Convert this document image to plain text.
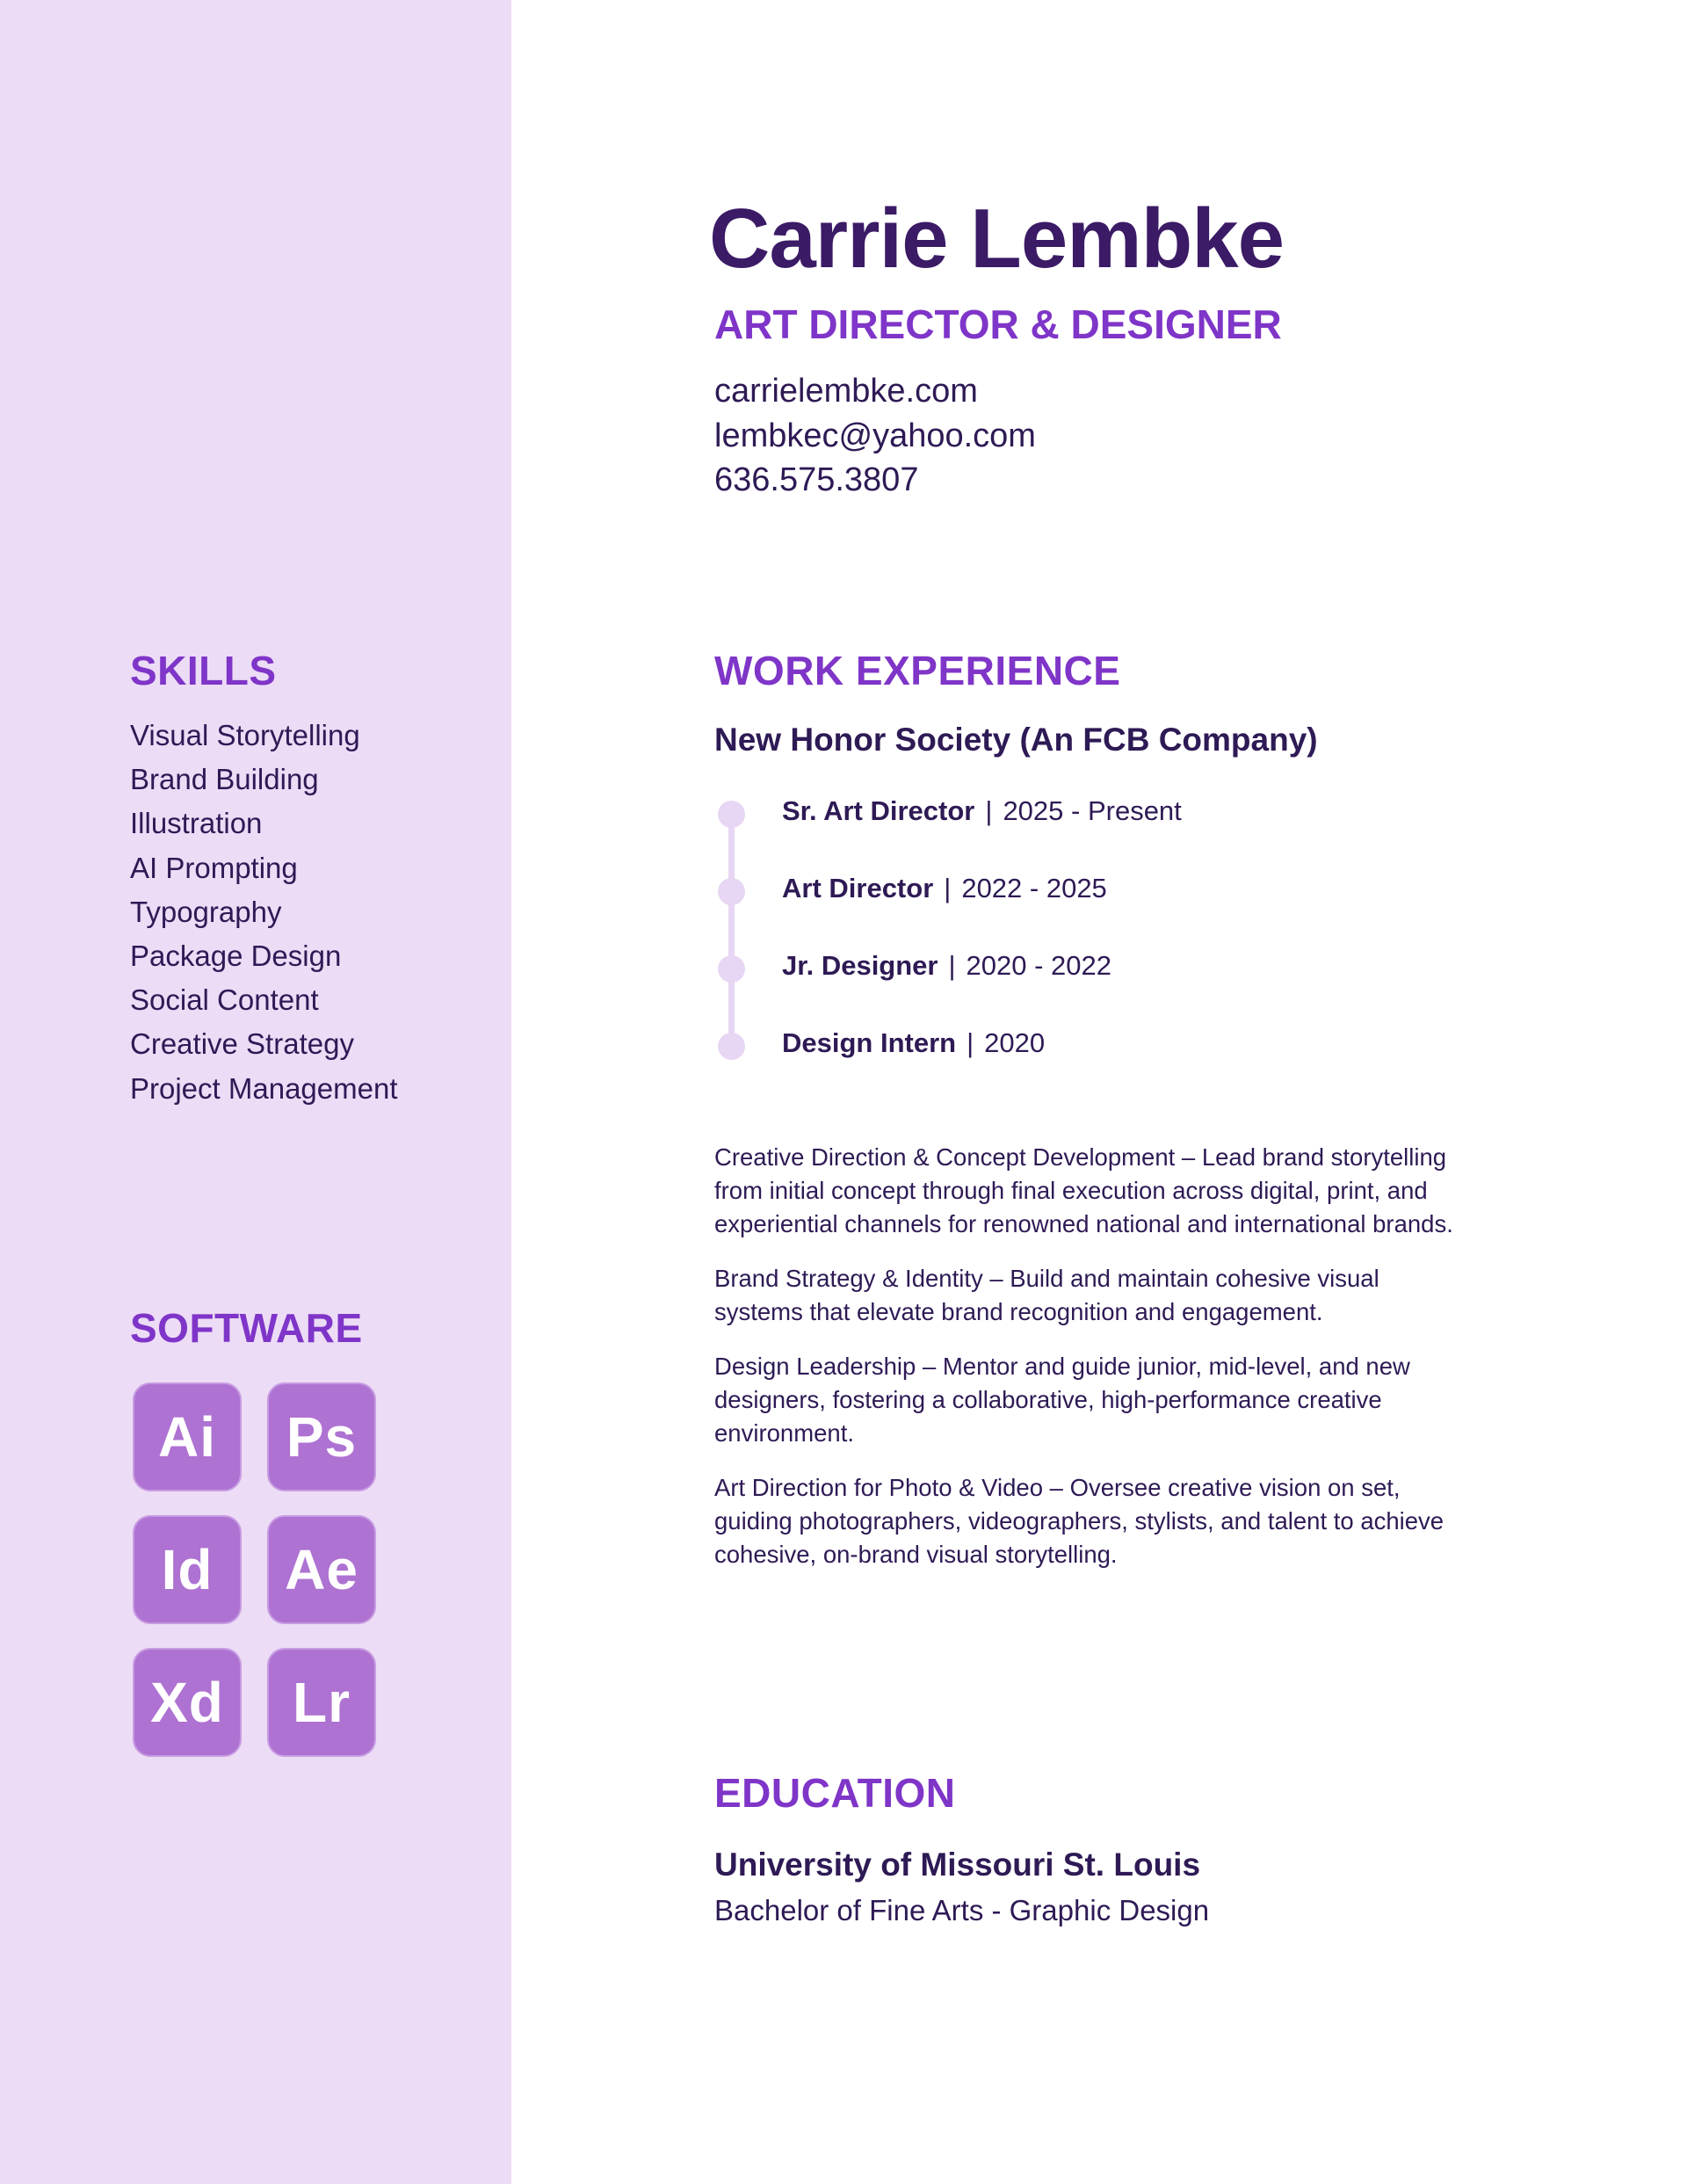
SKILLS
Visual Storytelling
Brand Building
Illustration
AI Prompting
Typography
Package Design
Social Content
Creative Strategy
Project Management
SOFTWARE
Ai	Ps
Id	Ae
Xd	Lr
Carrie Lembke
ART DIRECTOR & DESIGNER
carrielembke.com
lembkec@yahoo.com
636.575.3807
WORK EXPERIENCE
New Honor Society (An FCB Company)
Sr. Art Director | 2025 - Present
Art Director | 2022 - 2025
Jr. Designer | 2020 - 2022
Design Intern | 2020

Creative Direction & Concept Development – Lead brand storytelling from initial concept through final execution across digital, print, and experiential channels for renowned national and international brands.

Brand Strategy & Identity – Build and maintain cohesive visual systems that elevate brand recognition and engagement.

Design Leadership – Mentor and guide junior, mid-level, and new designers, fostering a collaborative, high-performance creative environment.

Art Direction for Photo & Video – Oversee creative vision on set, guiding photographers, videographers, stylists, and talent to achieve cohesive, on-brand visual storytelling.

EDUCATION
University of Missouri St. Louis

Bachelor of Fine Arts - Graphic Design
